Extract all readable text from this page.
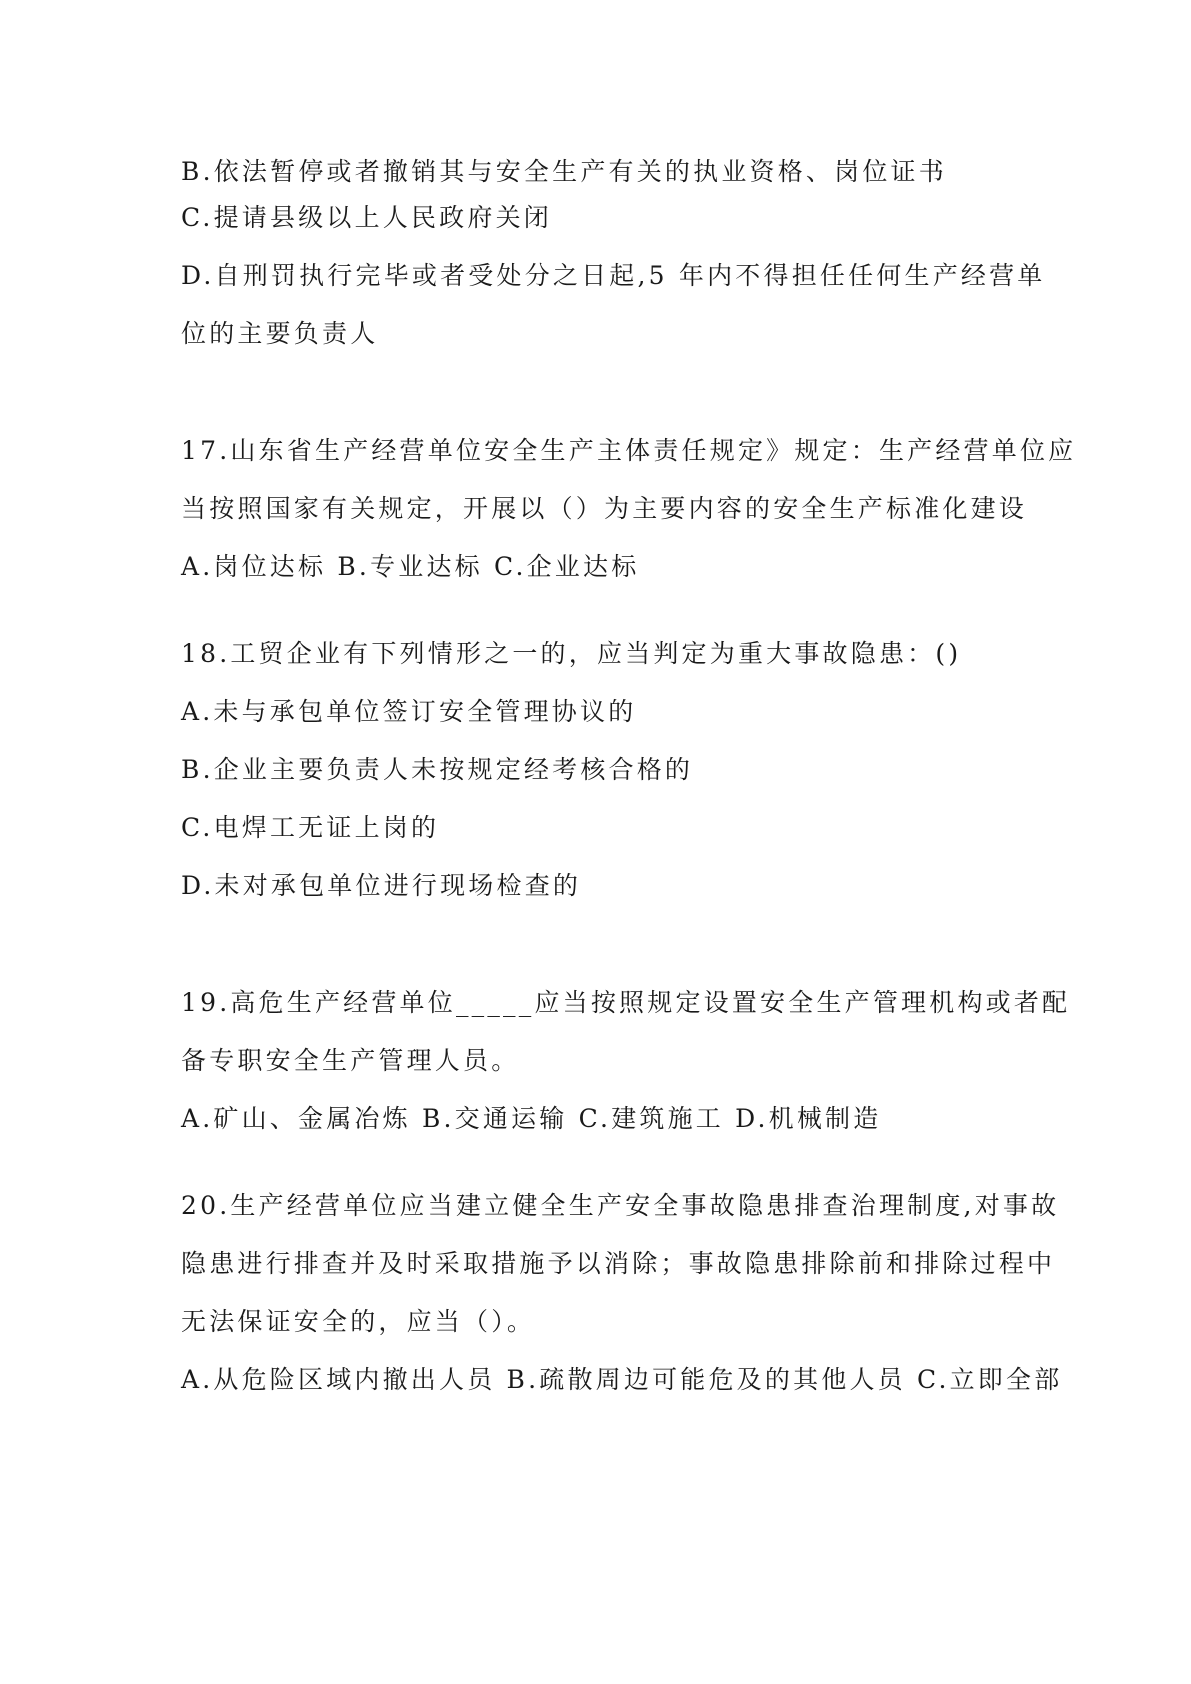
B.依法暂停或者撤销其与安全生产有关的执业资格、岗位证书
C.提请县级以上人民政府关闭
D.自刑罚执行完毕或者受处分之日起,5 年内不得担任任何生产经营单
位的主要负责人
17.山东省生产经营单位安全生产主体责任规定》规定：生产经营单位应
当按照国家有关规定，开展以（）为主要内容的安全生产标准化建设
A.岗位达标 B.专业达标 C.企业达标
18.工贸企业有下列情形之一的，应当判定为重大事故隐患：()
A.未与承包单位签订安全管理协议的
B.企业主要负责人未按规定经考核合格的
C.电焊工无证上岗的
D.未对承包单位进行现场检查的
19.高危生产经营单位_____应当按照规定设置安全生产管理机构或者配
备专职安全生产管理人员。
A.矿山、金属冶炼 B.交通运输 C.建筑施工 D.机械制造
20.生产经营单位应当建立健全生产安全事故隐患排查治理制度,对事故
隐患进行排查并及时采取措施予以消除；事故隐患排除前和排除过程中
无法保证安全的，应当（）。
A.从危险区域内撤出人员 B.疏散周边可能危及的其他人员 C.立即全部
